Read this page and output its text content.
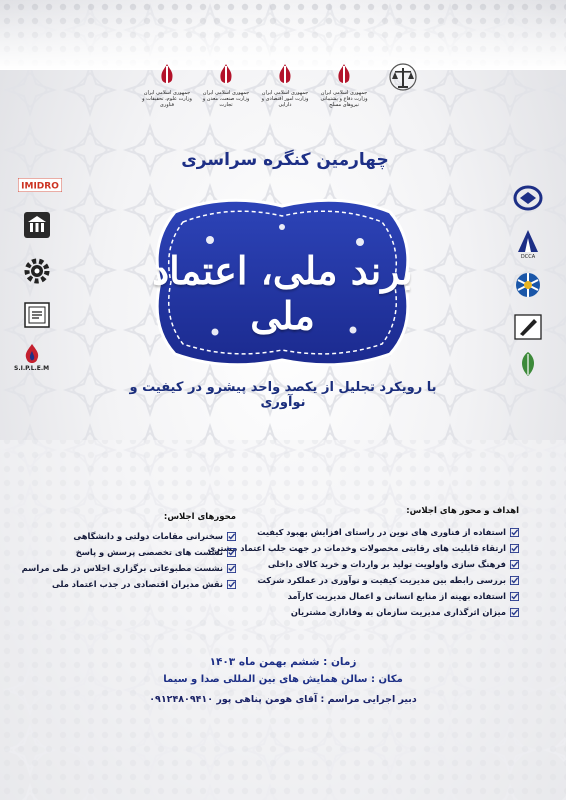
جمهوری اسلامی ایران وزارت علوم، تحقیقات و فناوری
جمهوری اسلامی ایران وزارت صنعت، معدن و تجارت
جمهوری اسلامی ایران وزارت امور اقتصادی و دارایی
جمهوری اسلامی ایران وزارت دفاع و پشتیبانی نیروهای مسلح
IMIDRO
S.I.P.L.E.M
DCCA
چهارمین کنگره سراسری
برند ملی، اعتماد ملی
با رویکرد تجلیل از یکصد واحد پیشرو در کیفیت و نوآوری
اهداف و محور های اجلاس:
استفاده از فناوری های نوین در راستای افزایش بهبود کیفیت
ارتقاء قابلیت های رقابتی محصولات وخدمات در جهت جلب اعتماد مشتری
فرهنگ سازی واولویت تولید بر واردات و خرید کالای داخلی
بررسی رابطه بین مدیریت کیفیت و نوآوری در عملکرد شرکت
استفاده بهینه از منابع انسانی و اعمال مدیریت کارآمد
میزان اثرگذاری مدیریت سازمان به وفاداری مشتریان
محورهای اجلاس:
سخنرانی مقامات دولتی و دانشگاهی
نشست های تخصصی پرسش و پاسخ
نشست مطبوعاتی برگزاری اجلاس در طی مراسم
نقش مدیران اقتصادی در جذب اعتماد ملی
زمان : ششم بهمن ماه ۱۴۰۳
مکان : سالن همایش های بین المللی صدا و سیما
دبیر اجرایی مراسم : آقای هومن پناهی پور ۰۹۱۲۴۸۰۹۴۱۰
